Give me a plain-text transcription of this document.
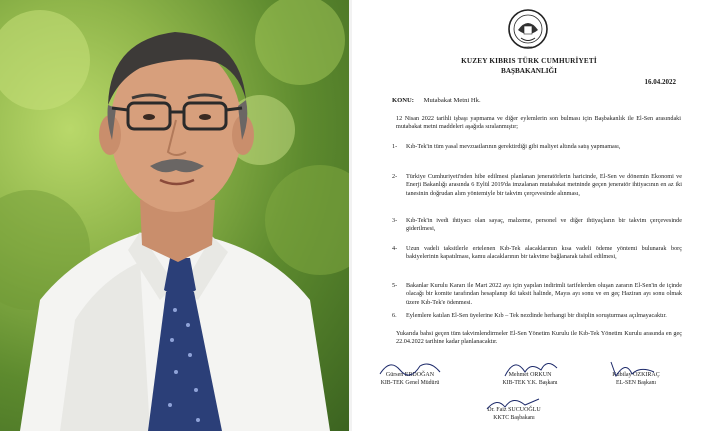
1983
KUZEY KIBRIS TÜRK CUMHURİYETİ
BAŞBAKANLIĞI
16.04.2022
KONU: Mutabakat Metni Hk.
12 Nisan 2022 tarihli işbaşı yapmama ve diğer eylemlerin son bulması için Başbakanlık ile El-Sen arasındaki mutabakat metni maddeleri aşağıda sıralanmıştır;
1- Kıb-Tek'in tüm yasal mevzuatlarının gerektirdiği gibi maliyet altında satış yapmaması,
2- Türkiye Cumhuriyeti'nden hibe edilmesi planlanan jeneratörlerin haricinde, El-Sen ve dönemin Ekonomi ve Enerji Bakanlığı arasında 6 Eylül 2019'da imzalanan mutabakat metninde geçen jeneratör ihtiyacının en az iki tanesinin doğrudan alım yöntemiyle bir takvim çerçevesinde alınması,
3- Kıb-Tek'in ivedi ihtiyacı olan sayaç, malzeme, personel ve diğer ihtiyaçların bir takvim çerçevesinde giderilmesi,
4- Uzun vadeli taksitlerle ertelenen Kıb-Tek alacaklarının kısa vadeli ödeme yöntemi bulunarak borç bakiyelerinin kapatılması, kamu alacaklarının bir takvime bağlanarak tahsil edilmesi,
5- Bakanlar Kurulu Kararı ile Mart 2022 ayı için yapılan indirimli tarifelerden oluşan zararın El-Sen'in de içinde olacağı bir komite tarafından hesaplanıp iki taksit halinde, Mayıs ayı sonu ve en geç Haziran ayı sonu olmak üzere Kıb-Tek'e ödenmesi.
6. Eylemlere katılan El-Sen üyelerine Kıb – Tek nezdinde herhangi bir disiplin soruşturması açılmayacaktır.
Yukarıda bahsi geçen tüm takvimlendirmeler El-Sen Yönetim Kurulu ile Kıb-Tek Yönetim Kurulu arasında en geç 22.04.2022 tarihine kadar planlanacaktır.
Gürsen ERDOĞAN
KIB-TEK Genel Müdürü
Mehmet ORKUN
KIB-TEK Y.K. Başkanı
Kubilay ÖZKIRAÇ
EL-SEN Başkanı
Dr. Faiz SUCUOĞLU
KKTC Başbakanı
